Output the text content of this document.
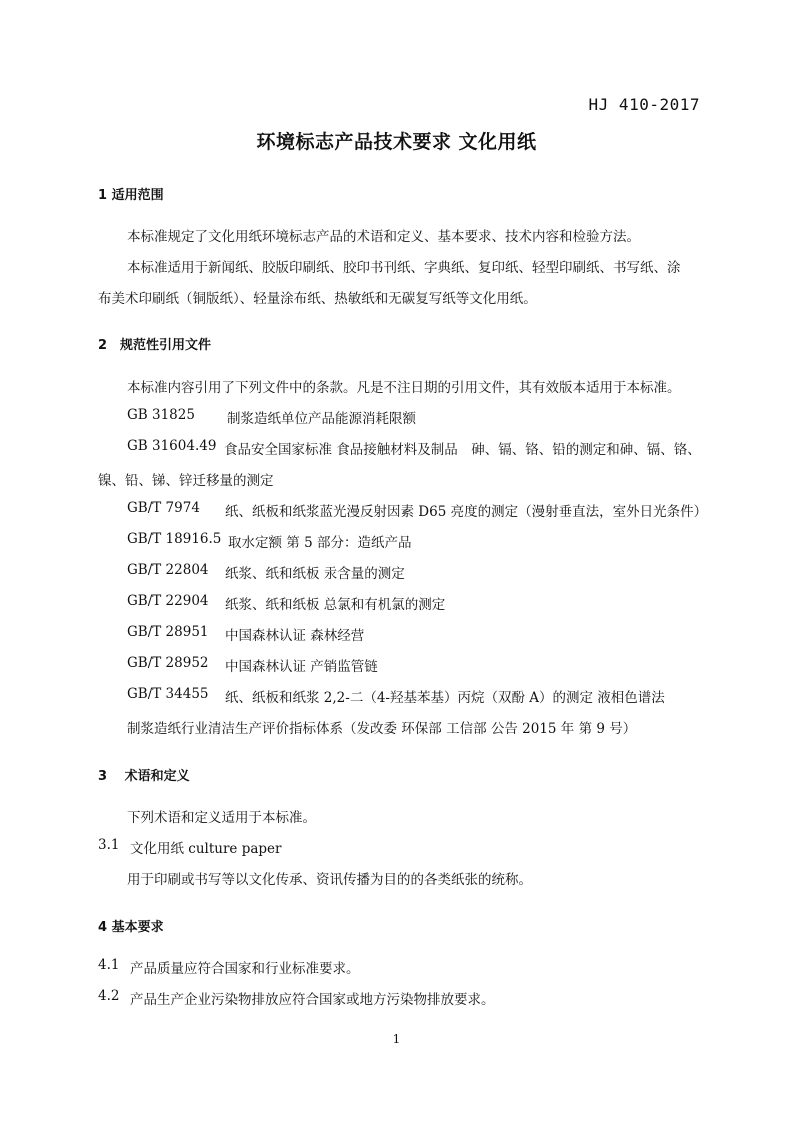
HJ 410-2017
环境标志产品技术要求 文化用纸
1 适用范围
本标准规定了文化用纸环境标志产品的术语和定义、基本要求、技术内容和检验方法。
本标准适用于新闻纸、胶版印刷纸、胶印书刊纸、字典纸、复印纸、轻型印刷纸、书写纸、涂
布美术印刷纸（铜版纸）、轻量涂布纸、热敏纸和无碳复写纸等文化用纸。
2　规范性引用文件
本标准内容引用了下列文件中的条款。凡是不注日期的引用文件，其有效版本适用于本标准。
GB 31825 制浆造纸单位产品能源消耗限额
GB 31604.49 食品安全国家标准 食品接触材料及制品　砷、镉、铬、铅的测定和砷、镉、铬、
镍、铅、锑、锌迁移量的测定
GB/T 7974 纸、纸板和纸浆蓝光漫反射因素 D65 亮度的测定（漫射垂直法，室外日光条件）
GB/T 18916.5 取水定额 第 5 部分：造纸产品
GB/T 22804 纸浆、纸和纸板 汞含量的测定
GB/T 22904 纸浆、纸和纸板 总氯和有机氯的测定
GB/T 28951 中国森林认证 森林经营
GB/T 28952 中国森林认证 产销监管链
GB/T 34455 纸、纸板和纸浆 2,2-二（4-羟基苯基）丙烷（双酚 A）的测定 液相色谱法
制浆造纸行业清洁生产评价指标体系（发改委 环保部 工信部 公告 2015 年 第 9 号）
3　 术语和定义
下列术语和定义适用于本标准。
3.1 文化用纸 culture paper
用于印刷或书写等以文化传承、资讯传播为目的的各类纸张的统称。
4 基本要求
4.1 产品质量应符合国家和行业标准要求。
4.2 产品生产企业污染物排放应符合国家或地方污染物排放要求。
1
